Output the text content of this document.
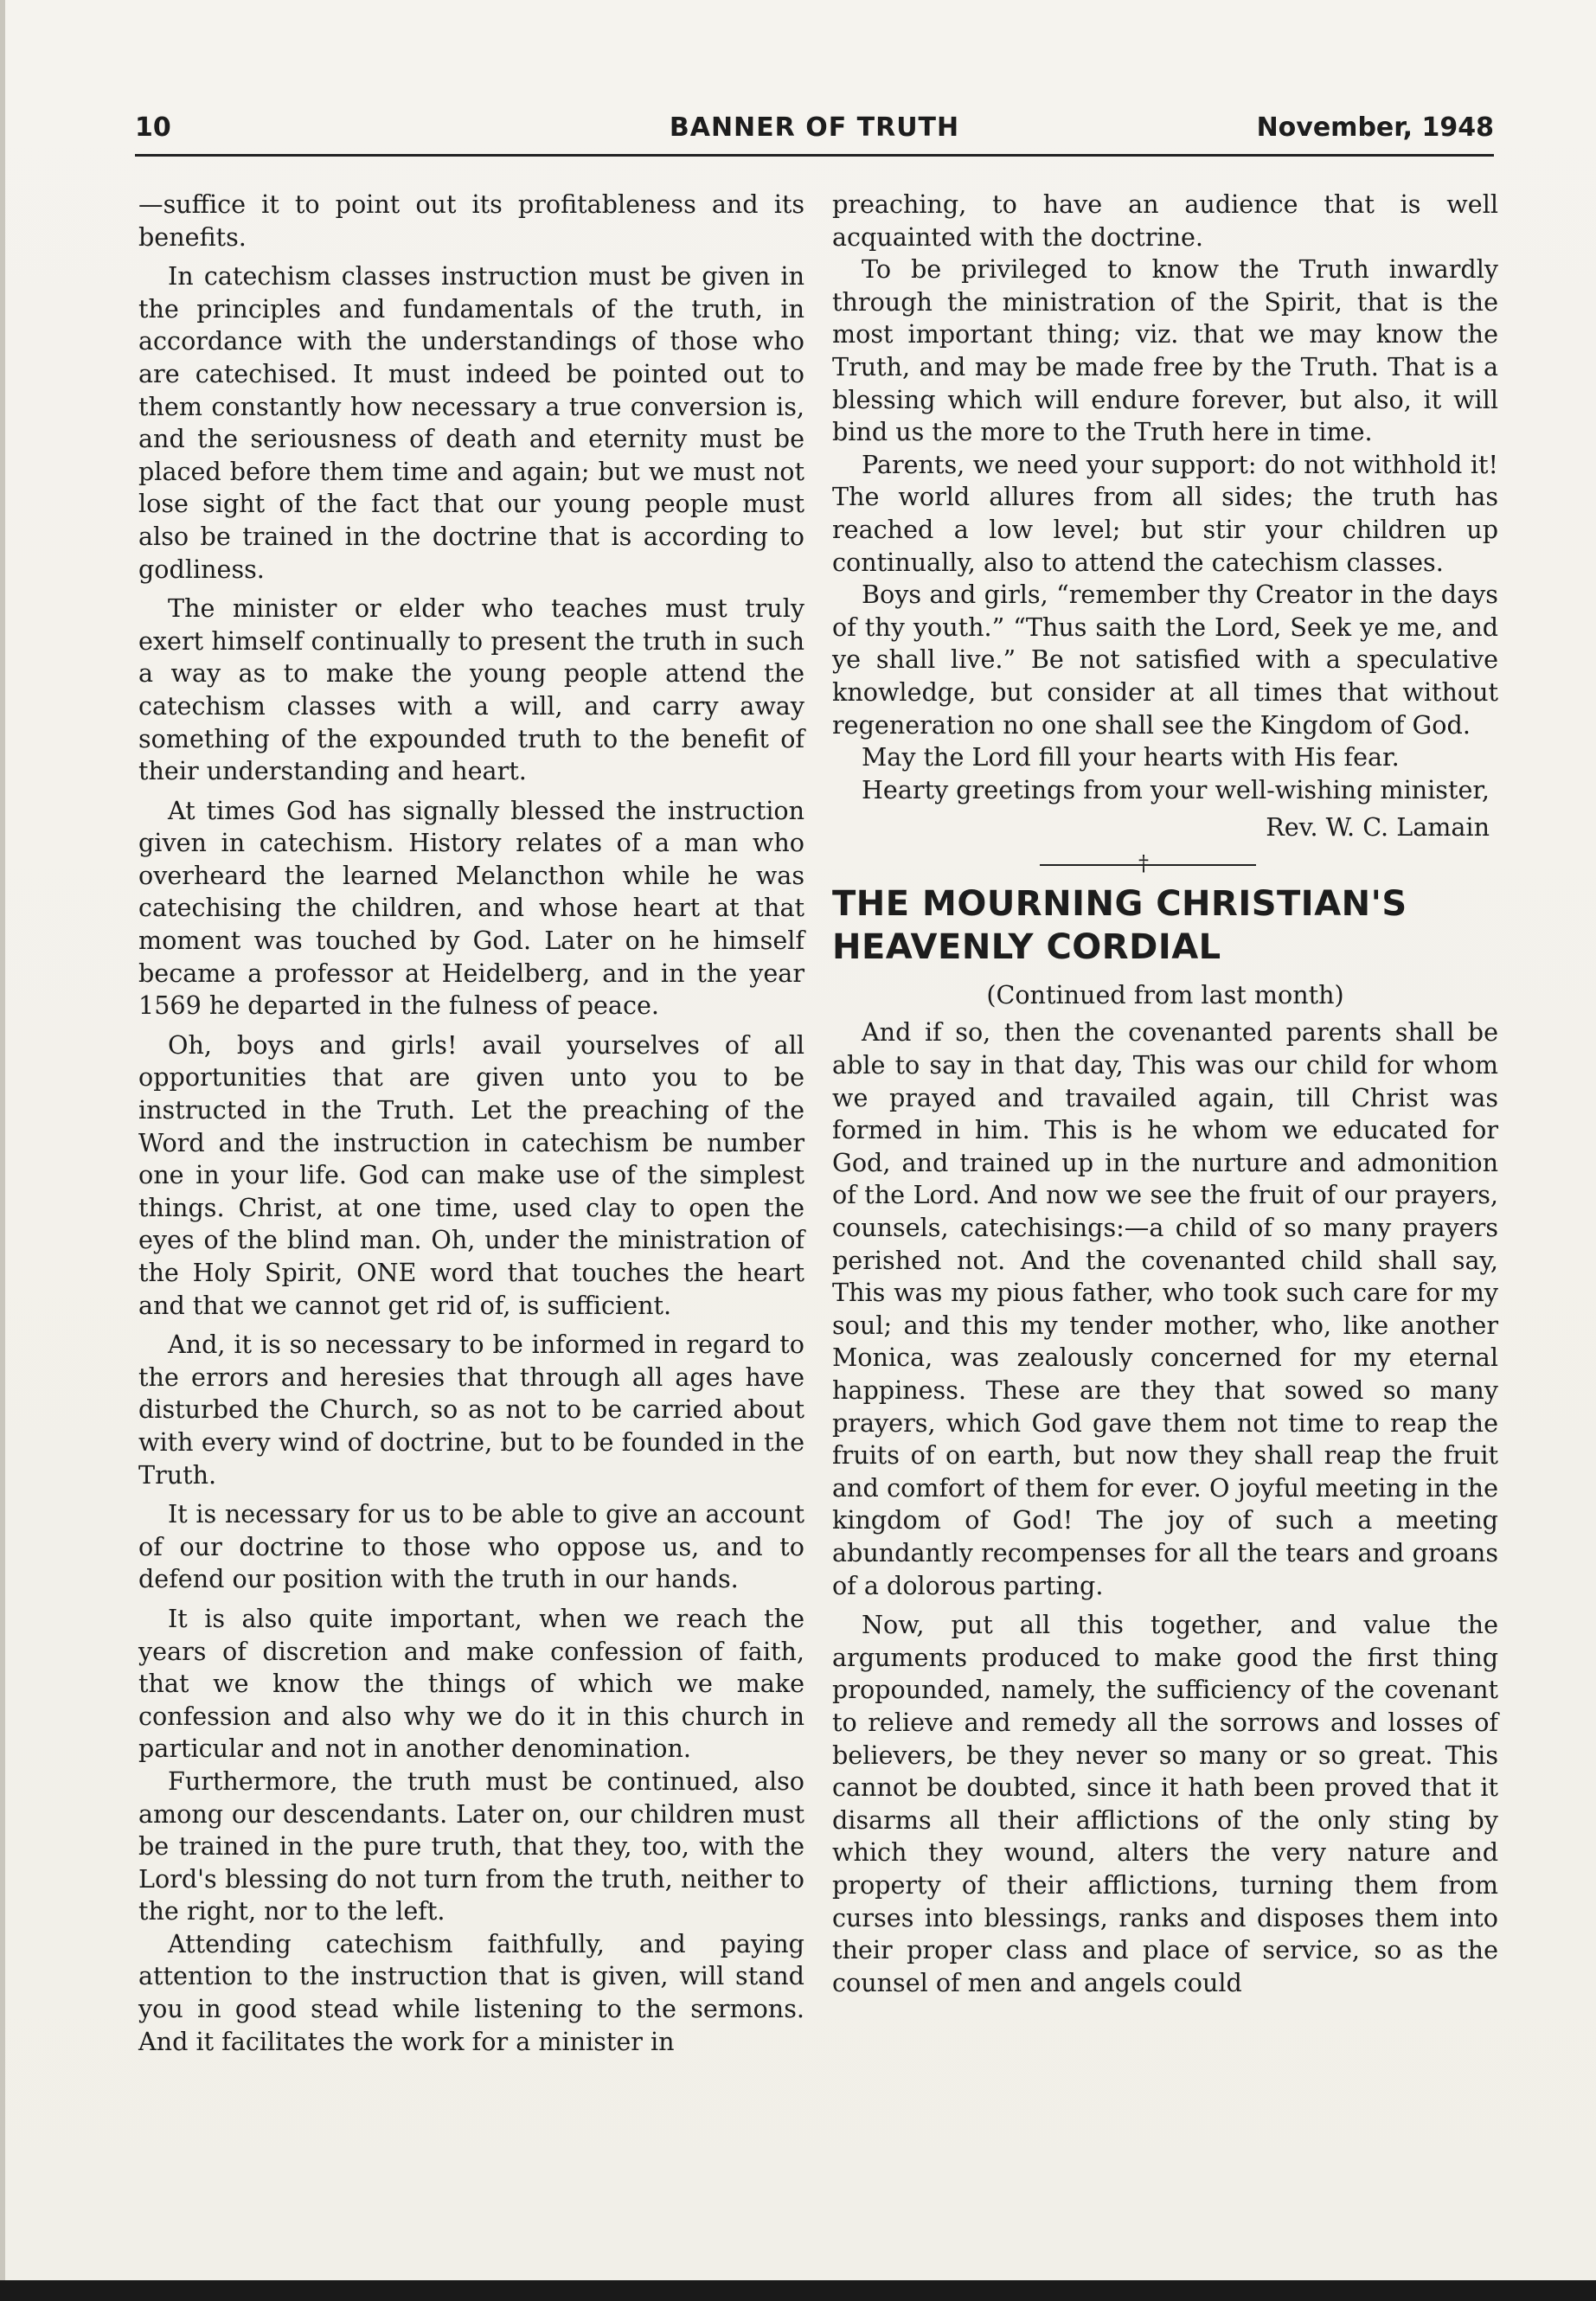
10	BANNER OF TRUTH	November, 1948

—suffice it to point out its profitableness and its benefits.

In catechism classes instruction must be given in the principles and fundamentals of the truth, in accordance with the understandings of those who are catechised. It must indeed be pointed out to them constantly how necessary a true conversion is, and the seriousness of death and eternity must be placed before them time and again; but we must not lose sight of the fact that our young people must also be trained in the doctrine that is according to godliness.

The minister or elder who teaches must truly exert himself continually to present the truth in such a way as to make the young people attend the catechism classes with a will, and carry away something of the expounded truth to the benefit of their understanding and heart.

At times God has signally blessed the instruction given in catechism. History relates of a man who overheard the learned Melancthon while he was catechising the children, and whose heart at that moment was touched by God. Later on he himself became a professor at Heidelberg, and in the year 1569 he departed in the fulness of peace.

Oh, boys and girls! avail yourselves of all opportunities that are given unto you to be instructed in the Truth. Let the preaching of the Word and the instruction in catechism be number one in your life. God can make use of the simplest things. Christ, at one time, used clay to open the eyes of the blind man. Oh, under the ministration of the Holy Spirit, ONE word that touches the heart and that we cannot get rid of, is sufficient.

And, it is so necessary to be informed in regard to the errors and heresies that through all ages have disturbed the Church, so as not to be carried about with every wind of doctrine, but to be founded in the Truth.

It is necessary for us to be able to give an account of our doctrine to those who oppose us, and to defend our position with the truth in our hands.

It is also quite important, when we reach the years of discretion and make confession of faith, that we know the things of which we make confession and also why we do it in this church in particular and not in another denomination.

Furthermore, the truth must be continued, also among our descendants. Later on, our children must be trained in the pure truth, that they, too, with the Lord's blessing do not turn from the truth, neither to the right, nor to the left.

Attending catechism faithfully, and paying attention to the instruction that is given, will stand you in good stead while listening to the sermons. And it facilitates the work for a minister in

preaching, to have an audience that is well acquainted with the doctrine.

To be privileged to know the Truth inwardly through the ministration of the Spirit, that is the most important thing; viz. that we may know the Truth, and may be made free by the Truth. That is a blessing which will endure forever, but also, it will bind us the more to the Truth here in time.

Parents, we need your support: do not withhold it! The world allures from all sides; the truth has reached a low level; but stir your children up continually, also to attend the catechism classes.

Boys and girls, “remember thy Creator in the days of thy youth.” “Thus saith the Lord, Seek ye me, and ye shall live.” Be not satisfied with a speculative knowledge, but consider at all times that without regeneration no one shall see the Kingdom of God.

May the Lord fill your hearts with His fear.

Hearty greetings from your well-wishing minister,

Rev. W. C. Lamain
†
THE MOURNING CHRISTIAN'S HEAVENLY CORDIAL
(Continued from last month)

And if so, then the covenanted parents shall be able to say in that day, This was our child for whom we prayed and travailed again, till Christ was formed in him. This is he whom we educated for God, and trained up in the nurture and admonition of the Lord. And now we see the fruit of our prayers, counsels, catechisings:—a child of so many prayers perished not. And the covenanted child shall say, This was my pious father, who took such care for my soul; and this my tender mother, who, like another Monica, was zealously concerned for my eternal happiness. These are they that sowed so many prayers, which God gave them not time to reap the fruits of on earth, but now they shall reap the fruit and comfort of them for ever. O joyful meeting in the kingdom of God! The joy of such a meeting abundantly recompenses for all the tears and groans of a dolorous parting.

Now, put all this together, and value the arguments produced to make good the first thing propounded, namely, the sufficiency of the covenant to relieve and remedy all the sorrows and losses of believers, be they never so many or so great. This cannot be doubted, since it hath been proved that it disarms all their afflictions of the only sting by which they wound, alters the very nature and property of their afflictions, turning them from curses into blessings, ranks and disposes them into their proper class and place of service, so as the counsel of men and angels could
